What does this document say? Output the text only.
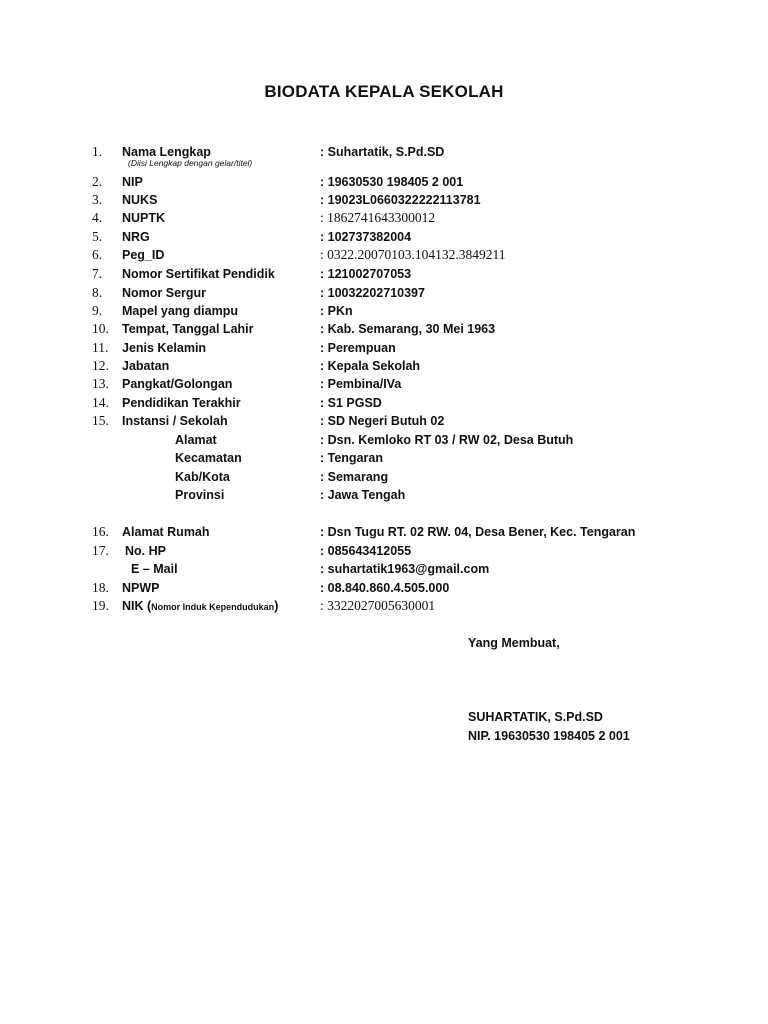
BIODATA KEPALA SEKOLAH
1. Nama Lengkap	: Suhartatik, S.Pd.SD
(Diisi Lengkap dengan gelar/titel)
2. NIP	: 19630530 198405 2 001
3. NUKS	: 19023L0660322222113781
4. NUPTK	: 1862741643300012
5. NRG	: 102737382004
6. Peg_ID	: 0322.20070103.104132.3849211
7. Nomor Sertifikat Pendidik	: 121002707053
8. Nomor Sergur	: 10032202710397
9. Mapel yang diampu	: PKn
10. Tempat, Tanggal Lahir	: Kab. Semarang, 30 Mei 1963
11. Jenis Kelamin	: Perempuan
12. Jabatan	: Kepala Sekolah
13. Pangkat/Golongan	: Pembina/IVa
14. Pendidikan Terakhir	: S1 PGSD
15. Instansi / Sekolah	: SD Negeri Butuh 02
Alamat	: Dsn. Kemloko RT 03 / RW 02, Desa Butuh
Kecamatan	: Tengaran
Kab/Kota	: Semarang
Provinsi	: Jawa Tengah
16. Alamat Rumah	: Dsn Tugu RT. 02 RW. 04, Desa Bener, Kec. Tengaran
17. No. HP	: 085643412055
E – Mail	: suhartatik1963@gmail.com
18. NPWP	: 08.840.860.4.505.000
19. NIK (Nomor Induk Kependudukan)	: 3322027005630001
Yang Membuat,
SUHARTATIK, S.Pd.SD
NIP. 19630530 198405 2 001
